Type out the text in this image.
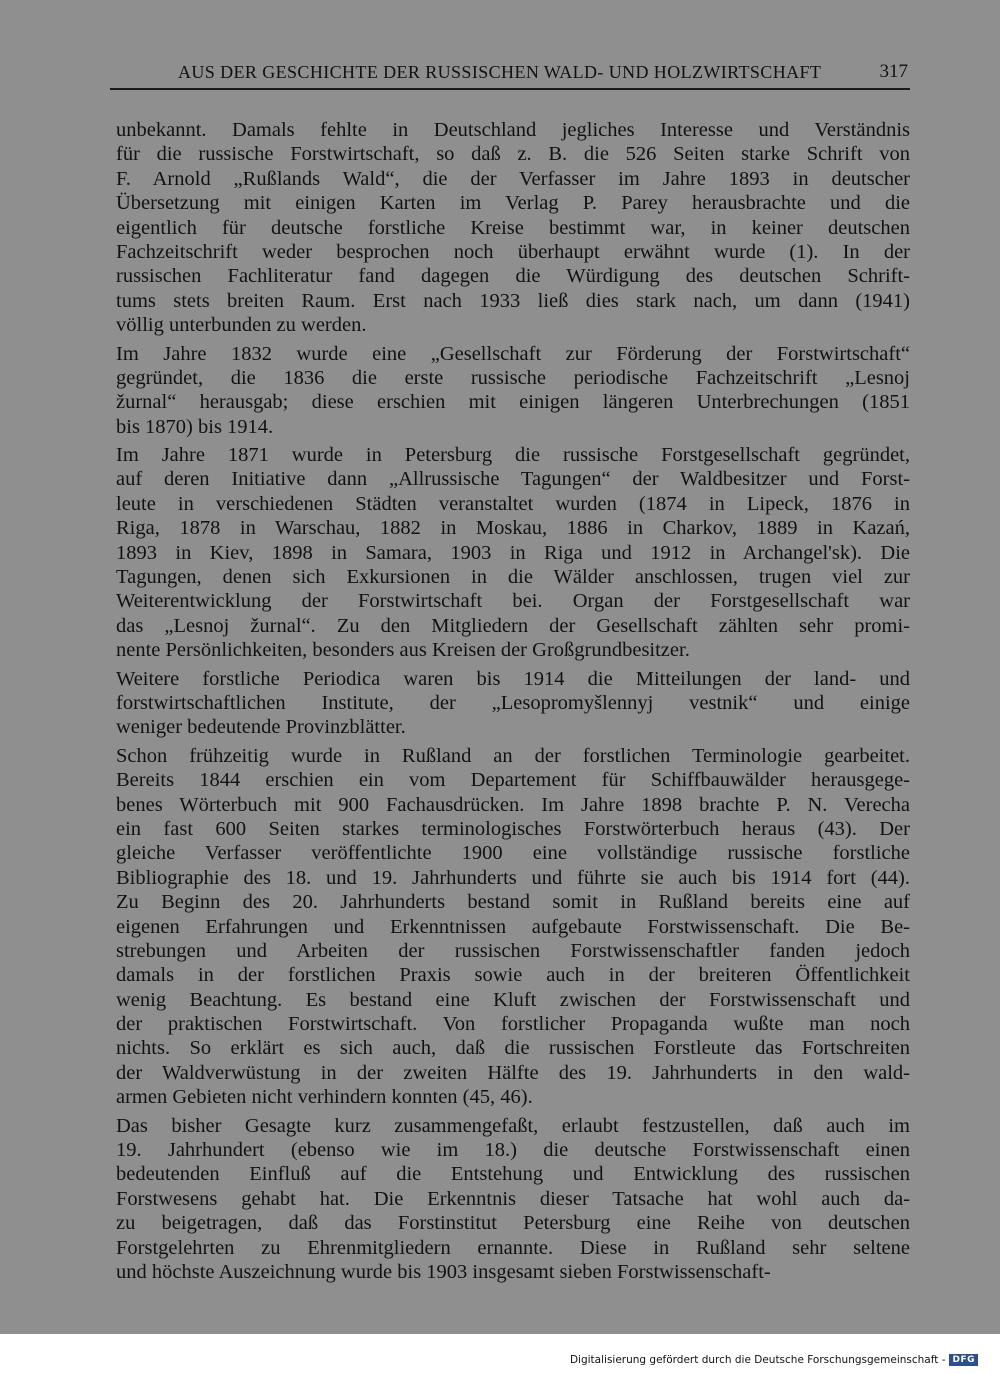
AUS DER GESCHICHTE DER RUSSISCHEN WALD- UND HOLZWIRTSCHAFT	317
unbekannt. Damals fehlte in Deutschland jegliches Interesse und Verständnis
für die russische Forstwirtschaft, so daß z. B. die 526 Seiten starke Schrift von
F. Arnold „Rußlands Wald“, die der Verfasser im Jahre 1893 in deutscher
Übersetzung mit einigen Karten im Verlag P. Parey herausbrachte und die
eigentlich für deutsche forstliche Kreise bestimmt war, in keiner deutschen
Fachzeitschrift weder besprochen noch überhaupt erwähnt wurde (1). In der
russischen Fachliteratur fand dagegen die Würdigung des deutschen Schrift-
tums stets breiten Raum. Erst nach 1933 ließ dies stark nach, um dann (1941)
völlig unterbunden zu werden.
Im Jahre 1832 wurde eine „Gesellschaft zur Förderung der Forstwirtschaft“
gegründet, die 1836 die erste russische periodische Fachzeitschrift „Lesnoj
žurnal“ herausgab; diese erschien mit einigen längeren Unterbrechungen (1851
bis 1870) bis 1914.
Im Jahre 1871 wurde in Petersburg die russische Forstgesellschaft gegründet,
auf deren Initiative dann „Allrussische Tagungen“ der Waldbesitzer und Forst-
leute in verschiedenen Städten veranstaltet wurden (1874 in Lipeck, 1876 in
Riga, 1878 in Warschau, 1882 in Moskau, 1886 in Charkov, 1889 in Kazań,
1893 in Kiev, 1898 in Samara, 1903 in Riga und 1912 in Archangel'sk). Die
Tagungen, denen sich Exkursionen in die Wälder anschlossen, trugen viel zur
Weiterentwicklung der Forstwirtschaft bei. Organ der Forstgesellschaft war
das „Lesnoj žurnal“. Zu den Mitgliedern der Gesellschaft zählten sehr promi-
nente Persönlichkeiten, besonders aus Kreisen der Großgrundbesitzer.
Weitere forstliche Periodica waren bis 1914 die Mitteilungen der land- und
forstwirtschaftlichen Institute, der „Lesopromyšlennyj vestnik“ und einige
weniger bedeutende Provinzblätter.
Schon frühzeitig wurde in Rußland an der forstlichen Terminologie gearbeitet.
Bereits 1844 erschien ein vom Departement für Schiffbauwälder herausgege-
benes Wörterbuch mit 900 Fachausdrücken. Im Jahre 1898 brachte P. N. Verecha
ein fast 600 Seiten starkes terminologisches Forstwörterbuch heraus (43). Der
gleiche Verfasser veröffentlichte 1900 eine vollständige russische forstliche
Bibliographie des 18. und 19. Jahrhunderts und führte sie auch bis 1914 fort (44).
Zu Beginn des 20. Jahrhunderts bestand somit in Rußland bereits eine auf
eigenen Erfahrungen und Erkenntnissen aufgebaute Forstwissenschaft. Die Be-
strebungen und Arbeiten der russischen Forstwissenschaftler fanden jedoch
damals in der forstlichen Praxis sowie auch in der breiteren Öffentlichkeit
wenig Beachtung. Es bestand eine Kluft zwischen der Forstwissenschaft und
der praktischen Forstwirtschaft. Von forstlicher Propaganda wußte man noch
nichts. So erklärt es sich auch, daß die russischen Forstleute das Fortschreiten
der Waldverwüstung in der zweiten Hälfte des 19. Jahrhunderts in den wald-
armen Gebieten nicht verhindern konnten (45, 46).
Das bisher Gesagte kurz zusammengefaßt, erlaubt festzustellen, daß auch im
19. Jahrhundert (ebenso wie im 18.) die deutsche Forstwissenschaft einen
bedeutenden Einfluß auf die Entstehung und Entwicklung des russischen
Forstwesens gehabt hat. Die Erkenntnis dieser Tatsache hat wohl auch da-
zu beigetragen, daß das Forstinstitut Petersburg eine Reihe von deutschen
Forstgelehrten zu Ehrenmitgliedern ernannte. Diese in Rußland sehr seltene
und höchste Auszeichnung wurde bis 1903 insgesamt sieben Forstwissenschaft-
Digitalisierung gefördert durch die Deutsche Forschungsgemeinschaft - DFG
